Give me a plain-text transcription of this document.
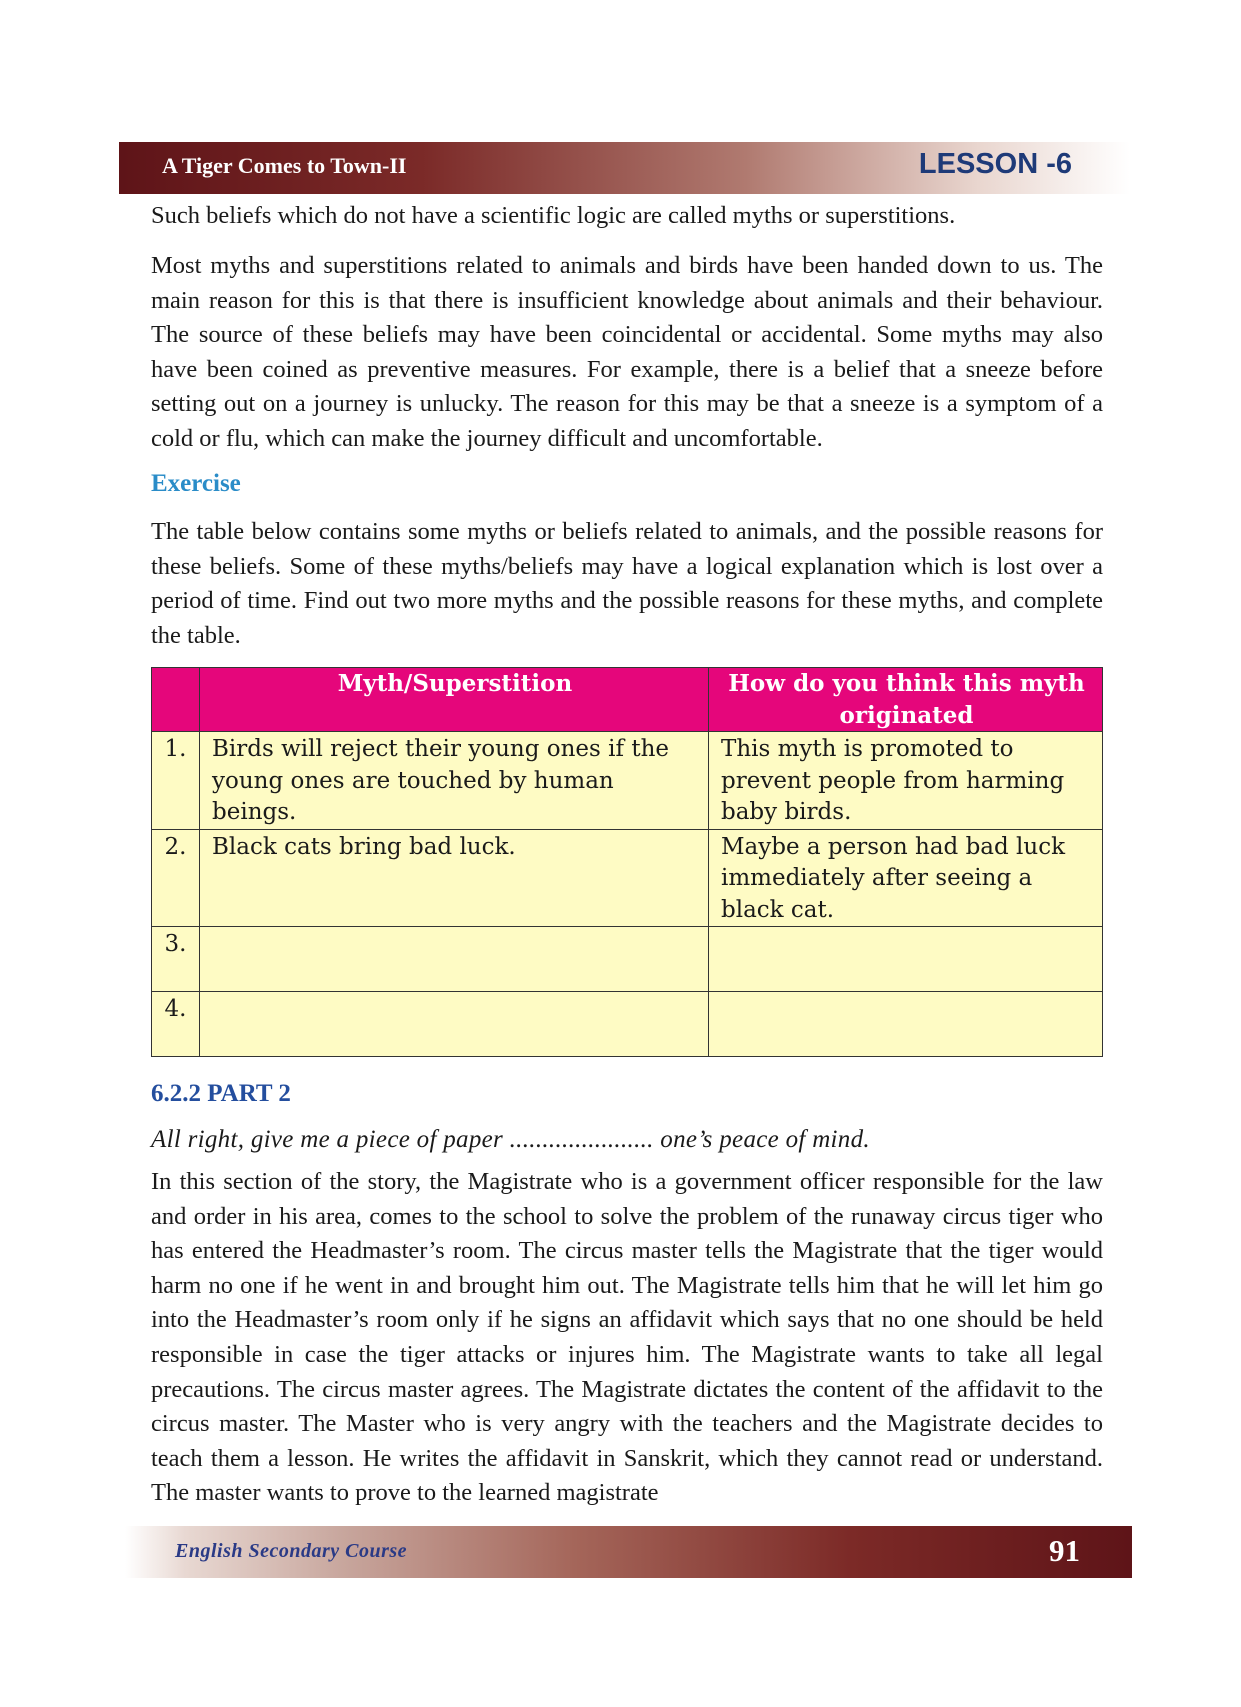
A Tiger Comes to Town-II	LESSON -6

Such beliefs which do not have a scientific logic are called myths or superstitions.

Most myths and superstitions related to animals and birds have been handed down to us. The main reason for this is that there is insufficient knowledge about animals and their behaviour. The source of these beliefs may have been coincidental or accidental. Some myths may also have been coined as preventive measures. For example, there is a belief that a sneeze before setting out on a journey is unlucky. The reason for this may be that a sneeze is a symptom of a cold or flu, which can make the journey difficult and uncomfortable.

Exercise

The table below contains some myths or beliefs related to animals, and the possible reasons for these beliefs. Some of these myths/beliefs may have a logical explanation which is lost over a period of time. Find out two more myths and the possible reasons for these myths, and complete the table.

	Myth/Superstition	How do you think this myth originated
1.	Birds will reject their young ones if the young ones are touched by human beings.	This myth is promoted to prevent people from harming baby birds.
2.	Black cats bring bad luck.	Maybe a person had bad luck immediately after seeing a black cat.
3.		
4.		
6.2.2 PART 2
All right, give me a piece of paper ...................... one’s peace of mind.

In this section of the story, the Magistrate who is a government officer responsible for the law and order in his area, comes to the school to solve the problem of the runaway circus tiger who has entered the Headmaster’s room. The circus master tells the Magistrate that the tiger would harm no one if he went in and brought him out. The Magistrate tells him that he will let him go into the Headmaster’s room only if he signs an affidavit which says that no one should be held responsible in case the tiger attacks or injures him. The Magistrate wants to take all legal precautions. The circus master agrees. The Magistrate dictates the content of the affidavit to the circus master. The Master who is very angry with the teachers and the Magistrate decides to teach them a lesson. He writes the affidavit in Sanskrit, which they cannot read or understand. The master wants to prove to the learned magistrate

English Secondary Course	91
